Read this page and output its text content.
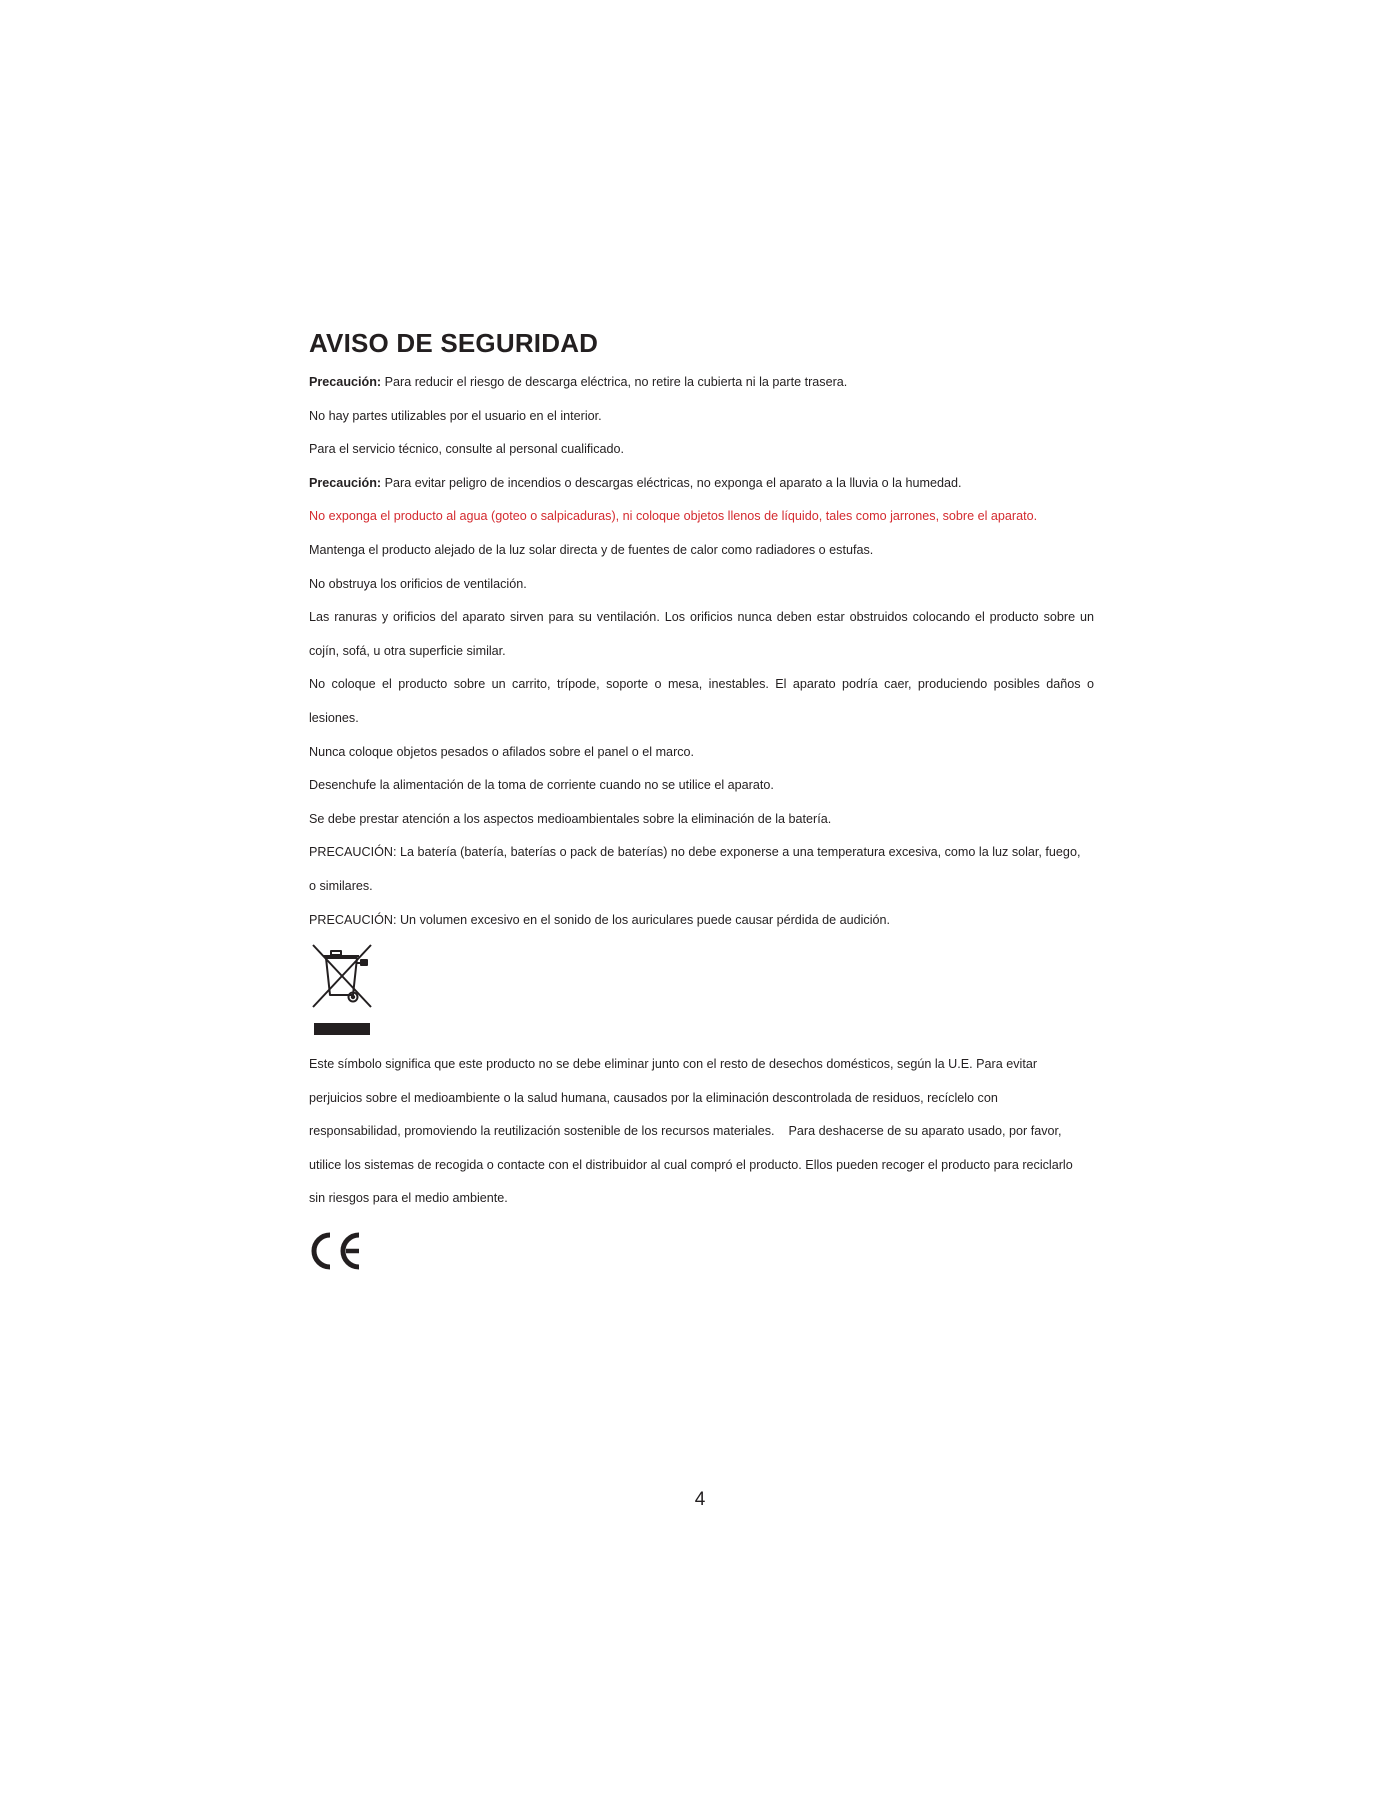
AVISO DE SEGURIDAD

Precaución: Para reducir el riesgo de descarga eléctrica, no retire la cubierta ni la parte trasera.

No hay partes utilizables por el usuario en el interior.

Para el servicio técnico, consulte al personal cualificado.

Precaución: Para evitar peligro de incendios o descargas eléctricas, no exponga el aparato a la lluvia o la humedad.

No exponga el producto al agua (goteo o salpicaduras), ni coloque objetos llenos de líquido, tales como jarrones, sobre el aparato.

Mantenga el producto alejado de la luz solar directa y de fuentes de calor como radiadores o estufas.

No obstruya los orificios de ventilación.

Las ranuras y orificios del aparato sirven para su ventilación. Los orificios nunca deben estar obstruidos colocando el producto sobre un

cojín, sofá, u otra superficie similar.

No coloque el producto sobre un carrito, trípode, soporte o mesa, inestables. El aparato podría caer, produciendo posibles daños o

lesiones.

Nunca coloque objetos pesados o afilados sobre el panel o el marco.

Desenchufe la alimentación de la toma de corriente cuando no se utilice el aparato.

Se debe prestar atención a los aspectos medioambientales sobre la eliminación de la batería.

PRECAUCIÓN: La batería (batería, baterías o pack de baterías) no debe exponerse a una temperatura excesiva, como la luz solar, fuego,

o similares.

PRECAUCIÓN: Un volumen excesivo en el sonido de los auriculares puede causar pérdida de audición.

Este símbolo significa que este producto no se debe eliminar junto con el resto de desechos domésticos, según la U.E. Para evitar

perjuicios sobre el medioambiente o la salud humana, causados por la eliminación descontrolada de residuos, recíclelo con

responsabilidad, promoviendo la reutilización sostenible de los recursos materiales.    Para deshacerse de su aparato usado, por favor,

utilice los sistemas de recogida o contacte con el distribuidor al cual compró el producto. Ellos pueden recoger el producto para reciclarlo

sin riesgos para el medio ambiente.

4
